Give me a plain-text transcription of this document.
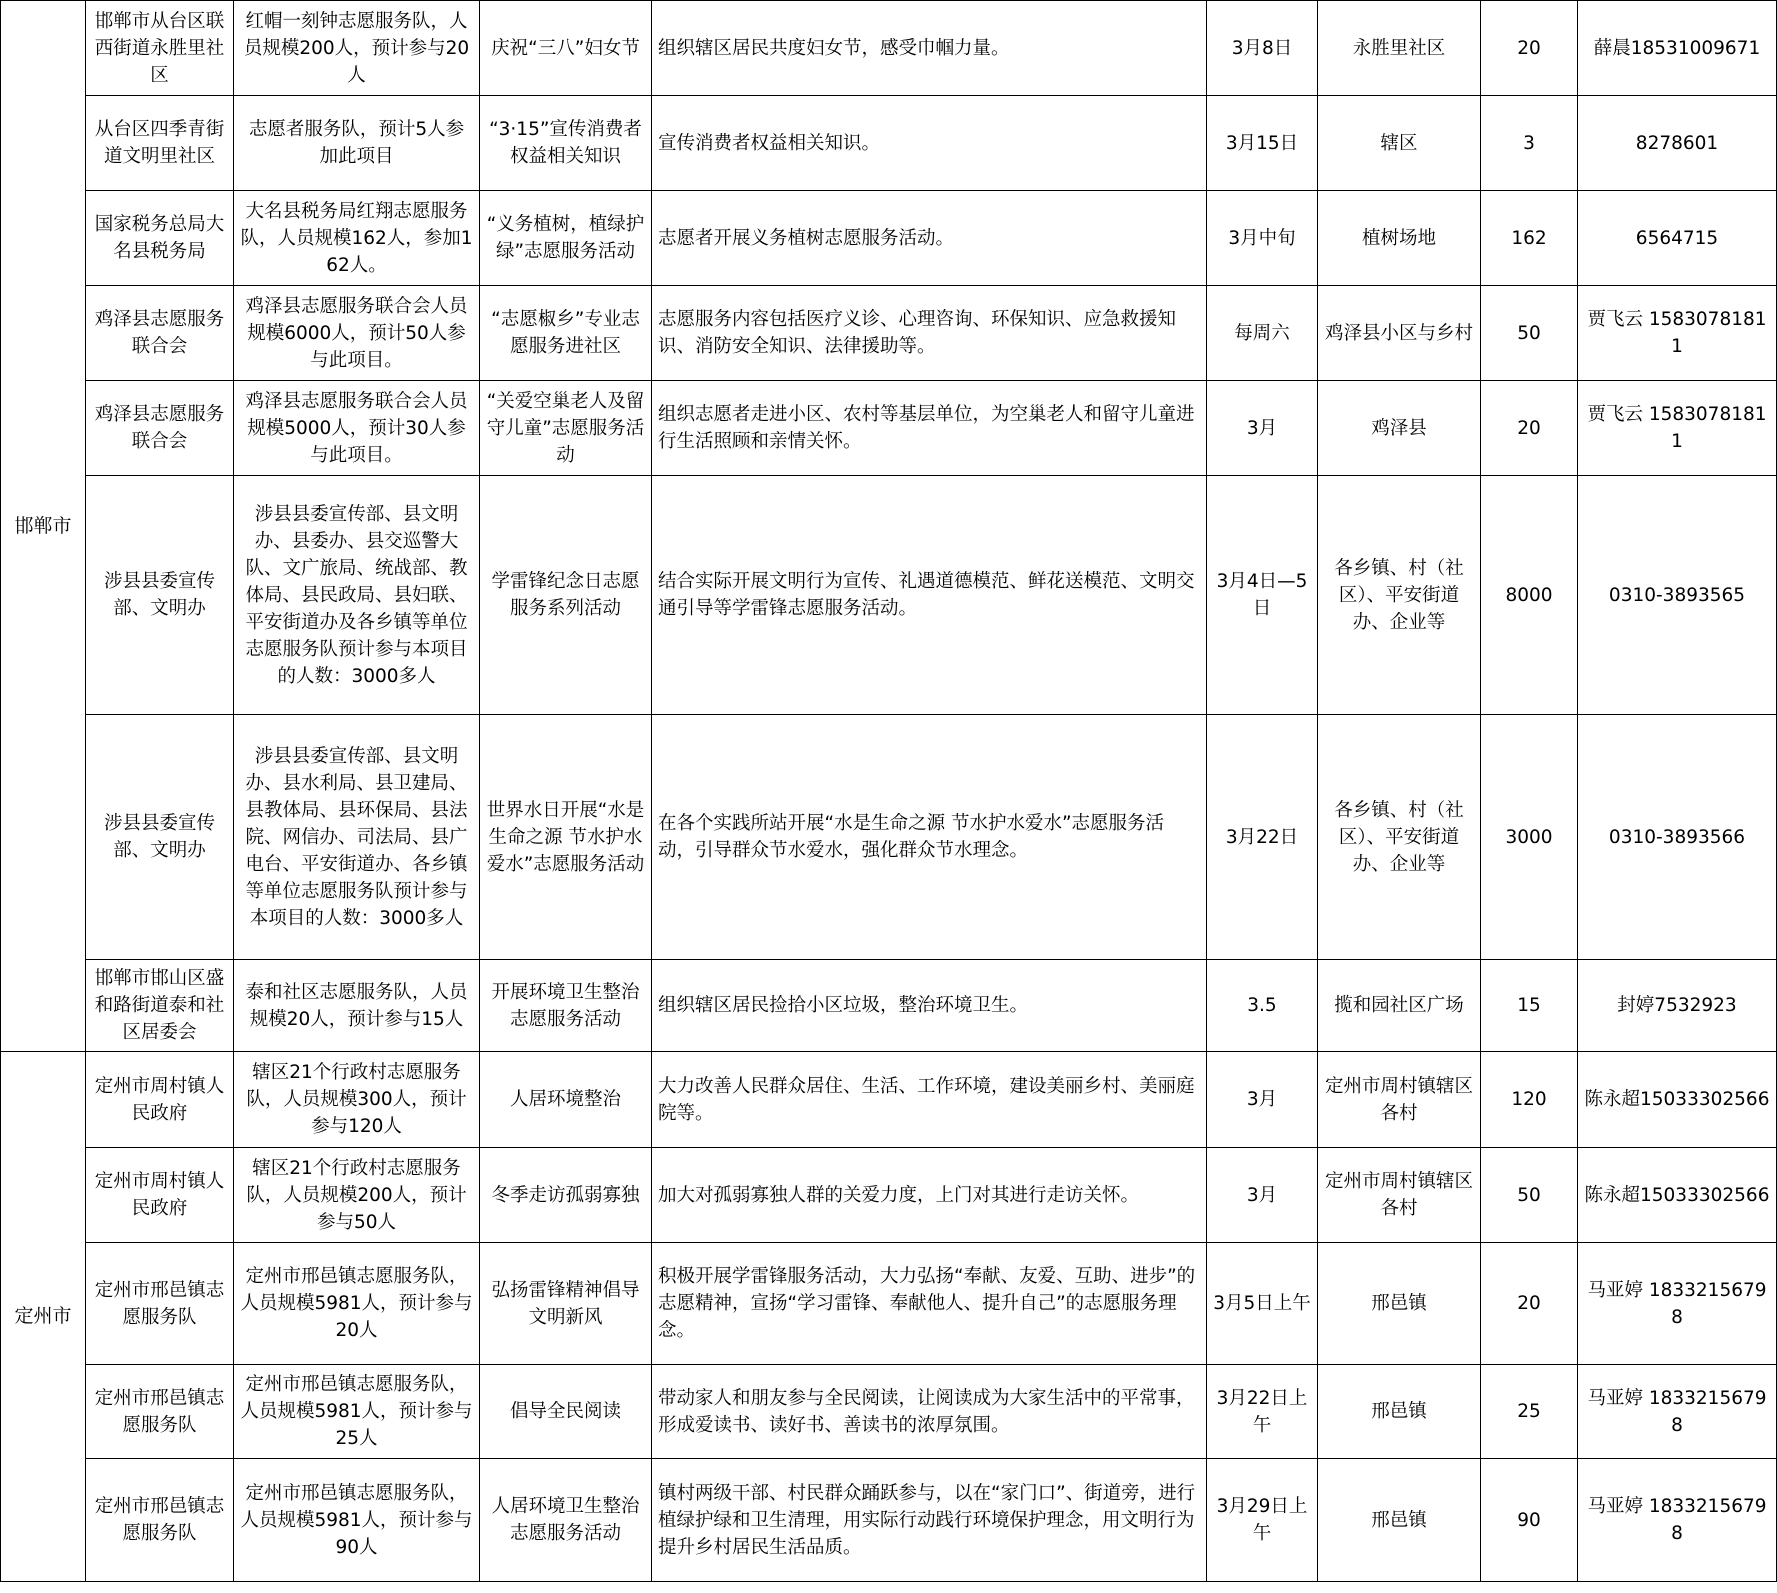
邯郸市	邯郸市从台区联西街道永胜里社区	红帽一刻钟志愿服务队，人员规模200人，预计参与20人	庆祝“三八”妇女节	组织辖区居民共度妇女节，感受巾帼力量。	3月8日	永胜里社区	20	薛晨18531009671
	从台区四季青街道文明里社区	志愿者服务队，预计5人参加此项目	“3·15”宣传消费者权益相关知识	宣传消费者权益相关知识。	3月15日	辖区	3	8278601
	国家税务总局大名县税务局	大名县税务局红翔志愿服务队，人员规模162人，参加162人。	“义务植树，植绿护绿”志愿服务活动	志愿者开展义务植树志愿服务活动。	3月中旬	植树场地	162	6564715
	鸡泽县志愿服务联合会	鸡泽县志愿服务联合会人员规模6000人，预计50人参与此项目。	“志愿椒乡”专业志愿服务进社区	志愿服务内容包括医疗义诊、心理咨询、环保知识、应急救援知识、消防安全知识、法律援助等。	每周六	鸡泽县小区与乡村	50	贾飞云 15830781811
	鸡泽县志愿服务联合会	鸡泽县志愿服务联合会人员规模5000人，预计30人参与此项目。	“关爱空巢老人及留守儿童”志愿服务活动	组织志愿者走进小区、农村等基层单位，为空巢老人和留守儿童进行生活照顾和亲情关怀。	3月	鸡泽县	20	贾飞云 15830781811
	涉县县委宣传部、文明办	涉县县委宣传部、县文明办、县委办、县交巡警大队、文广旅局、统战部、教体局、县民政局、县妇联、平安街道办及各乡镇等单位志愿服务队预计参与本项目的人数：3000多人	学雷锋纪念日志愿服务系列活动	结合实际开展文明行为宣传、礼遇道德模范、鲜花送模范、文明交通引导等学雷锋志愿服务活动。	3月4日—5日	各乡镇、村（社区）、平安街道办、企业等	8000	0310-3893565
	涉县县委宣传部、文明办	涉县县委宣传部、县文明办、县水利局、县卫建局、县教体局、县环保局、县法院、网信办、司法局、县广电台、平安街道办、各乡镇等单位志愿服务队预计参与本项目的人数：3000多人	世界水日开展“水是生命之源 节水护水爱水”志愿服务活动	在各个实践所站开展“水是生命之源 节水护水爱水”志愿服务活动，引导群众节水爱水，强化群众节水理念。	3月22日	各乡镇、村（社区）、平安街道办、企业等	3000	0310-3893566
	邯郸市邯山区盛和路街道泰和社区居委会	泰和社区志愿服务队，人员规模20人，预计参与15人	开展环境卫生整治志愿服务活动	组织辖区居民捡拾小区垃圾，整治环境卫生。	3.5	揽和园社区广场	15	封婷7532923
定州市	定州市周村镇人民政府	辖区21个行政村志愿服务队，人员规模300人，预计参与120人	人居环境整治	大力改善人民群众居住、生活、工作环境，建设美丽乡村、美丽庭院等。	3月	定州市周村镇辖区各村	120	陈永超15033302566
	定州市周村镇人民政府	辖区21个行政村志愿服务队，人员规模200人，预计参与50人	冬季走访孤弱寡独	加大对孤弱寡独人群的关爱力度，上门对其进行走访关怀。	3月	定州市周村镇辖区各村	50	陈永超15033302566
	定州市邢邑镇志愿服务队	定州市邢邑镇志愿服务队，人员规模5981人，预计参与20人	弘扬雷锋精神倡导文明新风	积极开展学雷锋服务活动，大力弘扬“奉献、友爱、互助、进步”的志愿精神，宣扬“学习雷锋、奉献他人、提升自己”的志愿服务理念。	3月5日上午	邢邑镇	20	马亚婷 18332156798
	定州市邢邑镇志愿服务队	定州市邢邑镇志愿服务队，人员规模5981人，预计参与25人	倡导全民阅读	带动家人和朋友参与全民阅读，让阅读成为大家生活中的平常事，形成爱读书、读好书、善读书的浓厚氛围。	3月22日上午	邢邑镇	25	马亚婷 18332156798
	定州市邢邑镇志愿服务队	定州市邢邑镇志愿服务队，人员规模5981人，预计参与90人	人居环境卫生整治志愿服务活动	镇村两级干部、村民群众踊跃参与，以在“家门口”、街道旁，进行植绿护绿和卫生清理，用实际行动践行环境保护理念，用文明行为提升乡村居民生活品质。	3月29日上午	邢邑镇	90	马亚婷 18332156798
